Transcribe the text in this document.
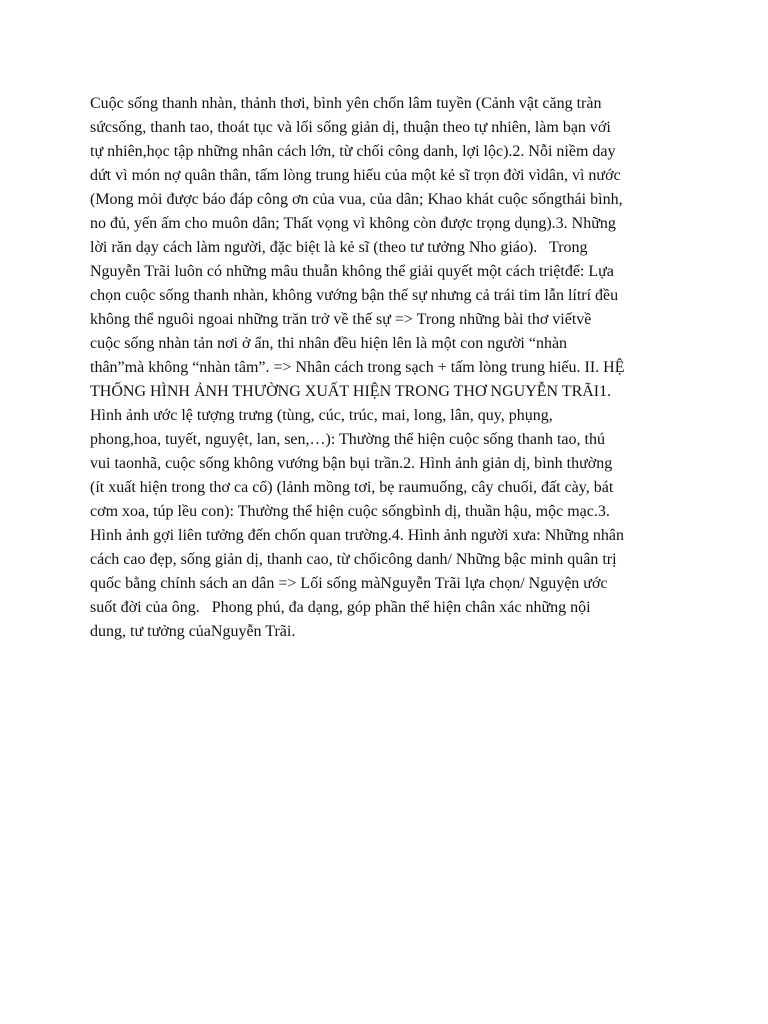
Cuộc sống thanh nhàn, thảnh thơi, bình yên chốn lâm tuyền (Cảnh vật căng tràn
sứcsống, thanh tao, thoát tục và lối sống giản dị, thuận theo tự nhiên, làm bạn với
tự nhiên,học tập những nhân cách lớn, từ chối công danh, lợi lộc).2. Nỗi niềm day
dứt vì món nợ quân thân, tấm lòng trung hiếu của một kẻ sĩ trọn đời vìdân, vì nước
(Mong mỏi được báo đáp công ơn của vua, của dân; Khao khát cuộc sốngthái bình,
no đủ, yến ấm cho muôn dân; Thất vọng vì không còn được trọng dụng).3. Những
lời răn dạy cách làm người, đặc biệt là kẻ sĩ (theo tư tưởng Nho giáo).   Trong
Nguyễn Trãi luôn có những mâu thuẫn không thể giải quyết một cách triệtđể: Lựa
chọn cuộc sống thanh nhàn, không vướng bận thế sự nhưng cả trái tim lẫn lítrí đều
không thể nguôi ngoai những trăn trở về thế sự => Trong những bài thơ viếtvề
cuộc sống nhàn tản nơi ở ẩn, thi nhân đều hiện lên là một con người “nhàn
thân”mà không “nhàn tâm”. => Nhân cách trong sạch + tấm lòng trung hiếu. II. HỆ
THỐNG HÌNH ẢNH THƯỜNG XUẤT HIỆN TRONG THƠ NGUYỄN TRÃI1.
Hình ảnh ước lệ tượng trưng (tùng, cúc, trúc, mai, long, lân, quy, phụng,
phong,hoa, tuyết, nguyệt, lan, sen,…): Thường thể hiện cuộc sống thanh tao, thú
vui taonhã, cuộc sống không vướng bận bụi trần.2. Hình ảnh giản dị, bình thường
(ít xuất hiện trong thơ ca cổ) (lảnh mồng tơi, bẹ raumuống, cây chuối, đất cày, bát
cơm xoa, túp lều con): Thường thể hiện cuộc sốngbình dị, thuần hậu, mộc mạc.3.
Hình ảnh gợi liên tưởng đến chốn quan trường.4. Hình ảnh người xưa: Những nhân
cách cao đẹp, sống giản dị, thanh cao, từ chốicông danh/ Những bậc minh quân trị
quốc bằng chính sách an dân => Lối sống màNguyễn Trãi lựa chọn/ Nguyện ước
suốt đời của ông.   Phong phú, đa dạng, góp phần thể hiện chân xác những nội
dung, tư tưởng củaNguyễn Trãi.
